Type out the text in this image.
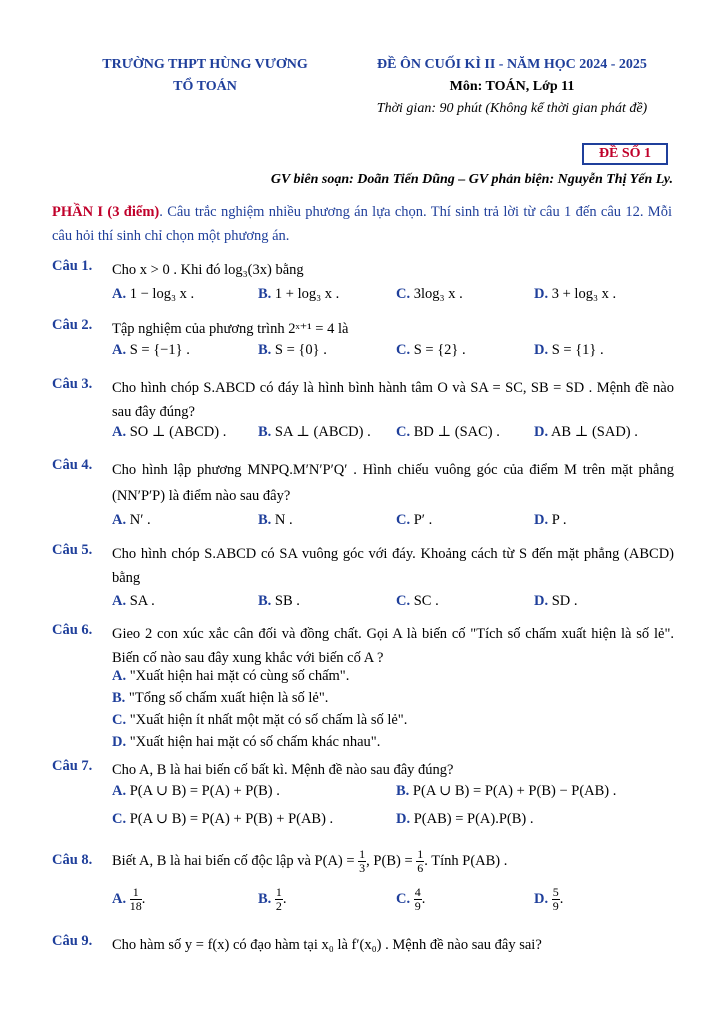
TRƯỜNG THPT HÙNG VƯƠNG
TỔ TOÁN
ĐỀ ÔN CUỐI KÌ II - NĂM HỌC 2024 - 2025
Môn: TOÁN, Lớp 11
Thời gian: 90 phút (Không kể thời gian phát đề)
ĐỀ SỐ 1
GV biên soạn: Doãn Tiến Dũng – GV phản biện: Nguyễn Thị Yến Ly.
PHẦN I (3 điểm). Câu trắc nghiệm nhiều phương án lựa chọn. Thí sinh trả lời từ câu 1 đến câu 12. Mỗi câu hỏi thí sinh chỉ chọn một phương án.
Câu 1. Cho x > 0 . Khi đó log₃(3x) bằng
A. 1 − log₃ x .	B. 1 + log₃ x .	C. 3log₃ x .	D. 3 + log₃ x .
Câu 2. Tập nghiệm của phương trình 2ˣ⁺¹ = 4 là
A. S = {−1} .	B. S = {0} .	C. S = {2} .	D. S = {1} .
Câu 3. Cho hình chóp S.ABCD có đáy là hình bình hành tâm O và SA = SC, SB = SD . Mệnh đề nào sau đây đúng?
A. SO ⊥ (ABCD) . B. SA ⊥ (ABCD) . C. BD ⊥ (SAC) . D. AB ⊥ (SAD) .
Câu 4. Cho hình lập phương MNPQ.M′N′P′Q′ . Hình chiếu vuông góc của điểm M trên mặt phẳng (NN′P′P) là điểm nào sau đây?
A. N′ .	B. N .	C. P′ .	D. P .
Câu 5. Cho hình chóp S.ABCD có SA vuông góc với đáy. Khoảng cách từ S đến mặt phẳng (ABCD) bằng
A. SA .	B. SB .	C. SC .	D. SD .
Câu 6. Gieo 2 con xúc xắc cân đối và đồng chất. Gọi A là biến cố "Tích số chấm xuất hiện là số lẻ". Biến cố nào sau đây xung khắc với biến cố A ?
A. "Xuất hiện hai mặt có cùng số chấm".
B. "Tổng số chấm xuất hiện là số lẻ".
C. "Xuất hiện ít nhất một mặt có số chấm là số lẻ".
D. "Xuất hiện hai mặt có số chấm khác nhau".
Câu 7. Cho A, B là hai biến cố bất kì. Mệnh đề nào sau đây đúng?
A. P(A ∪ B) = P(A) + P(B) .	B. P(A ∪ B) = P(A) + P(B) − P(AB) .
C. P(A ∪ B) = P(A) + P(B) + P(AB) .	D. P(AB) = P(A).P(B) .
Câu 8. Biết A, B là hai biến cố độc lập và $P(A) = \frac{1}{3}$ , $P(B) = \frac{1}{6}$ . Tính P(AB) .
A. $\frac{1}{18}$ .	B. $\frac{1}{2}$ .	C. $\frac{4}{9}$ .	D. $\frac{5}{9}$ .
Câu 9. Cho hàm số y = f(x) có đạo hàm tại x₀ là f′(x₀) . Mệnh đề nào sau đây sai?
